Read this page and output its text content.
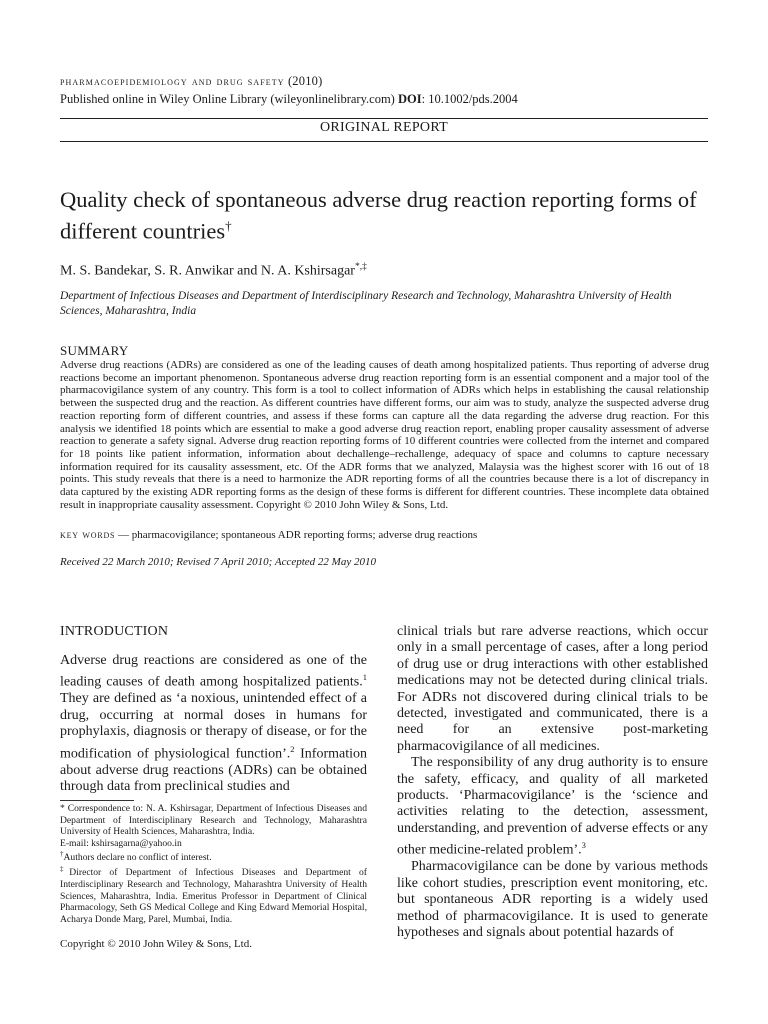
pharmacoepidemiology and drug safety (2010)
Published online in Wiley Online Library (wileyonlinelibrary.com) DOI: 10.1002/pds.2004
ORIGINAL REPORT
Quality check of spontaneous adverse drug reaction reporting forms of different countries†
M. S. Bandekar, S. R. Anwikar and N. A. Kshirsagar*,‡
Department of Infectious Diseases and Department of Interdisciplinary Research and Technology, Maharashtra University of Health Sciences, Maharashtra, India
SUMMARY
Adverse drug reactions (ADRs) are considered as one of the leading causes of death among hospitalized patients. Thus reporting of adverse drug reactions become an important phenomenon. Spontaneous adverse drug reaction reporting form is an essential component and a major tool of the pharmacovigilance system of any country. This form is a tool to collect information of ADRs which helps in establishing the causal relationship between the suspected drug and the reaction. As different countries have different forms, our aim was to study, analyze the suspected adverse drug reaction reporting form of different countries, and assess if these forms can capture all the data regarding the adverse drug reaction. For this analysis we identified 18 points which are essential to make a good adverse drug reaction report, enabling proper causality assessment of adverse reaction to generate a safety signal. Adverse drug reaction reporting forms of 10 different countries were collected from the internet and compared for 18 points like patient information, information about dechallenge–rechallenge, adequacy of space and columns to capture necessary information required for its causality assessment, etc. Of the ADR forms that we analyzed, Malaysia was the highest scorer with 16 out of 18 points. This study reveals that there is a need to harmonize the ADR reporting forms of all the countries because there is a lot of discrepancy in data captured by the existing ADR reporting forms as the design of these forms is different for different countries. These incomplete data obtained result in inappropriate causality assessment. Copyright © 2010 John Wiley & Sons, Ltd.
key words — pharmacovigilance; spontaneous ADR reporting forms; adverse drug reactions
Received 22 March 2010; Revised 7 April 2010; Accepted 22 May 2010
INTRODUCTION

Adverse drug reactions are considered as one of the leading causes of death among hospitalized patients.$^1$ They are defined as ‘a noxious, unintended effect of a drug, occurring at normal doses in humans for prophylaxis, diagnosis or therapy of disease, or for the modification of physiological function’.$^2$ Information about adverse drug reactions (ADRs) can be obtained through data from preclinical studies and

clinical trials but rare adverse reactions, which occur only in a small percentage of cases, after a long period of drug use or drug interactions with other established medications may not be detected during clinical trials. For ADRs not discovered during clinical trials to be detected, investigated and communicated, there is a need for an extensive post-marketing pharmacovigilance of all medicines.

The responsibility of any drug authority is to ensure the safety, efficacy, and quality of all marketed products. ‘Pharmacovigilance’ is the ‘science and activities relating to the detection, assessment, understanding, and prevention of adverse effects or any other medicine-related problem’.$^3$

Pharmacovigilance can be done by various methods like cohort studies, prescription event monitoring, etc. but spontaneous ADR reporting is a widely used method of pharmacovigilance. It is used to generate hypotheses and signals about potential hazards of

* Correspondence to: N. A. Kshirsagar, Department of Infectious Diseases and Department of Interdisciplinary Research and Technology, Maharashtra University of Health Sciences, Maharashtra, India.

E-mail: kshirsagarna@yahoo.in

†Authors declare no conflict of interest.

‡Director of Department of Infectious Diseases and Department of Interdisciplinary Research and Technology, Maharashtra University of Health Sciences, Maharashtra, India. Emeritus Professor in Department of Clinical Pharmacology, Seth GS Medical College and King Edward Memorial Hospital, Acharya Donde Marg, Parel, Mumbai, India.

Copyright © 2010 John Wiley & Sons, Ltd.
